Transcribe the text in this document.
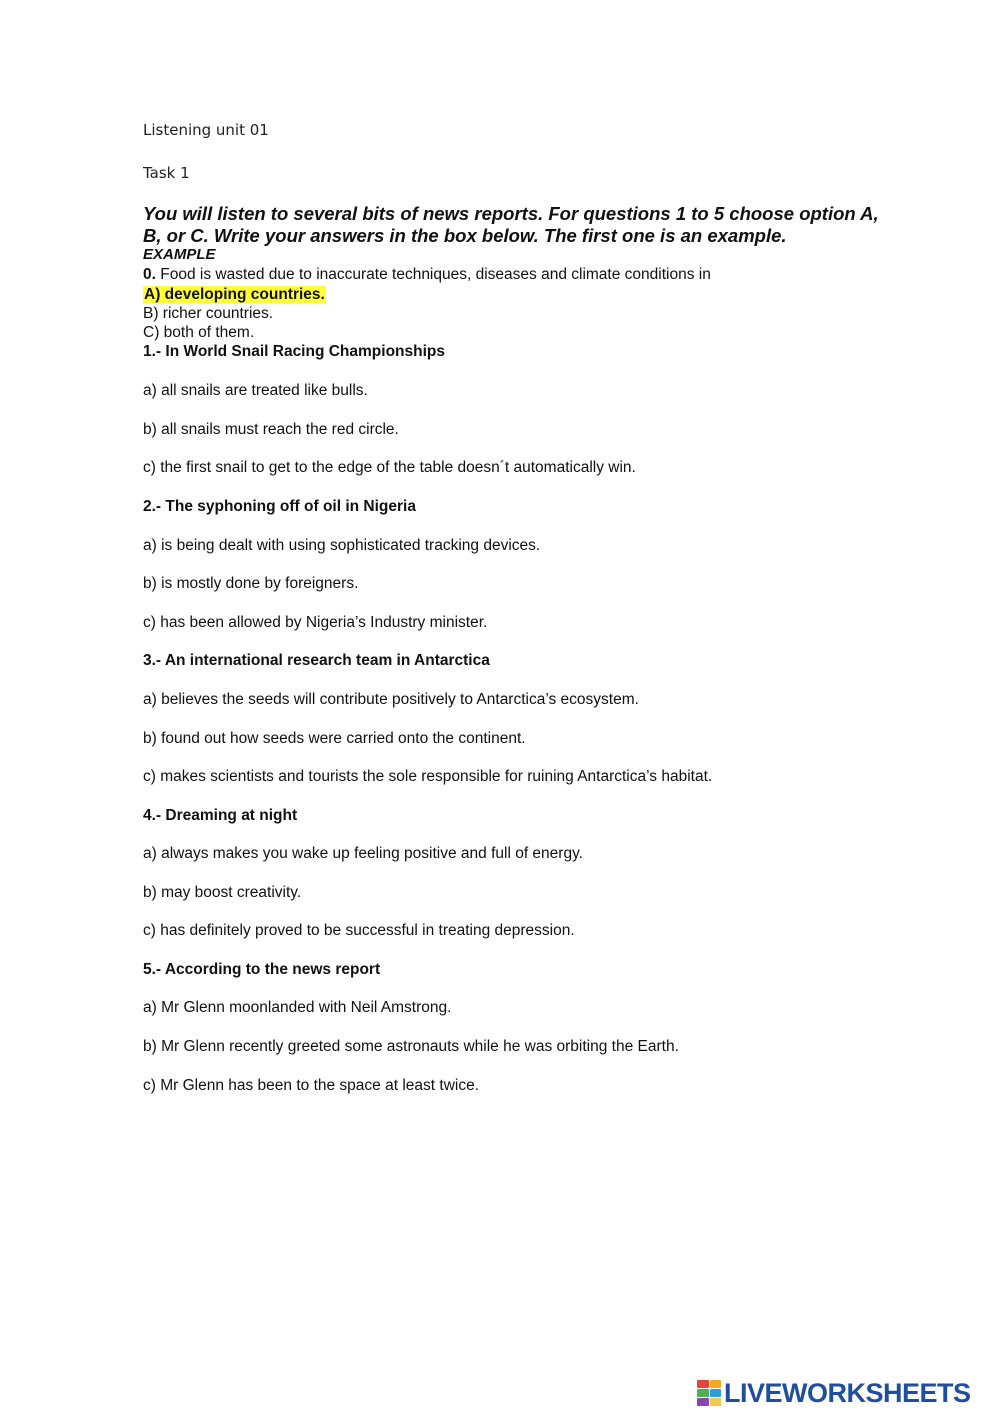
Listening unit 01
Task 1
You will listen to several bits of news reports. For questions 1 to 5 choose option A, B, or C. Write your answers in the box below. The first one is an example.
EXAMPLE
0. Food is wasted due to inaccurate techniques, diseases and climate conditions in
A) developing countries.
B) richer countries.
C) both of them.
1.- In World Snail Racing Championships
a) all snails are treated like bulls.
b) all snails must reach the red circle.
c) the first snail to get to the edge of the table doesn´t automatically win.
2.- The syphoning off of oil in Nigeria
a) is being dealt with using sophisticated tracking devices.
b) is mostly done by foreigners.
c) has been allowed by Nigeria’s Industry minister.
3.- An international research team in Antarctica
a) believes the seeds will contribute positively to Antarctica’s ecosystem.
b) found out how seeds were carried onto the continent.
c) makes scientists and tourists the sole responsible for ruining Antarctica’s habitat.
4.- Dreaming at night
a) always makes you wake up feeling positive and full of energy.
b) may boost creativity.
c) has definitely proved to be successful in treating depression.
5.- According to the news report
a) Mr Glenn moonlanded with Neil Amstrong.
b) Mr Glenn recently greeted some astronauts while he was orbiting the Earth.
c) Mr Glenn has been to the space at least twice.
LIVEWORKSHEETS
